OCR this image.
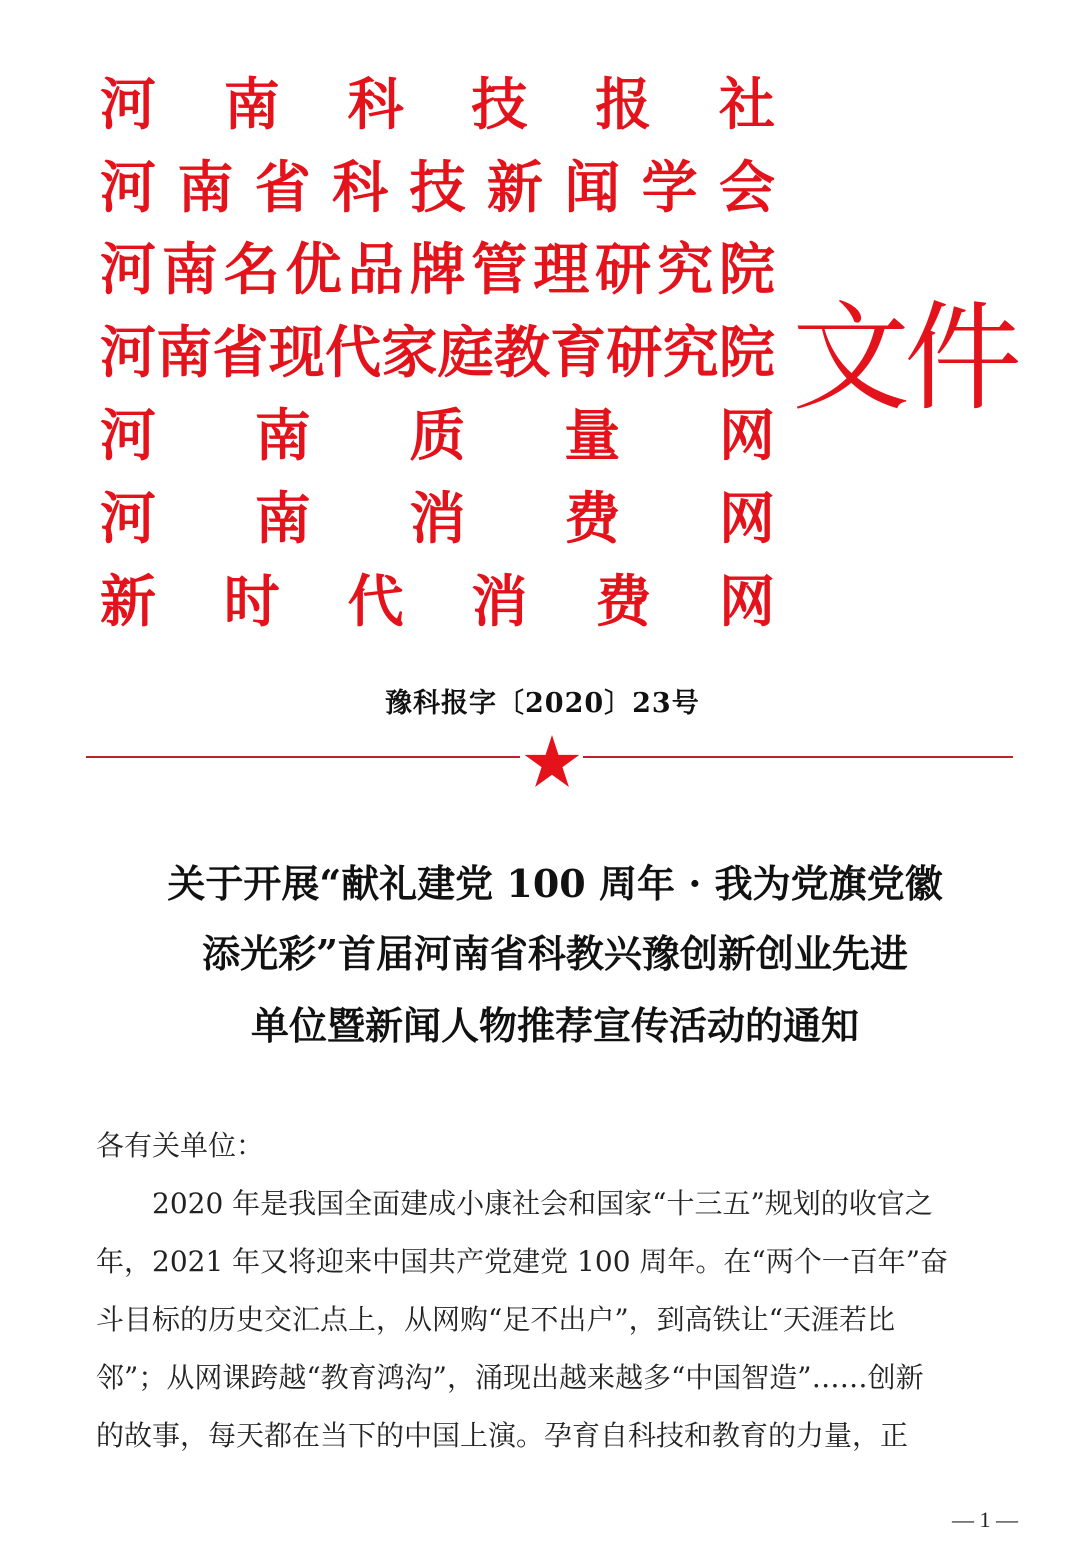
河 南 科 技 报 社
河 南 省 科 技 新 闻 学 会
河 南 名 优 品 牌 管 理 研 究 院
河 南 省 现 代 家 庭 教 育 研 究 院
河 南 质 量 网
河 南 消 费 网
新 时 代 消 费 网
文件
豫科报字〔2020〕23号
关于开展“献礼建党 100 周年 · 我为党旗党徽
添光彩”首届河南省科教兴豫创新创业先进
单位暨新闻人物推荐宣传活动的通知
各有关单位：
　　2020 年是我国全面建成小康社会和国家“十三五”规划的收官之
年，2021 年又将迎来中国共产党建党 100 周年。在“两个一百年”奋
斗目标的历史交汇点上，从网购“足不出户”，到高铁让“天涯若比
邻”；从网课跨越“教育鸿沟”，涌现出越来越多“中国智造”……创新
的故事，每天都在当下的中国上演。孕育自科技和教育的力量，正
— 1 —
